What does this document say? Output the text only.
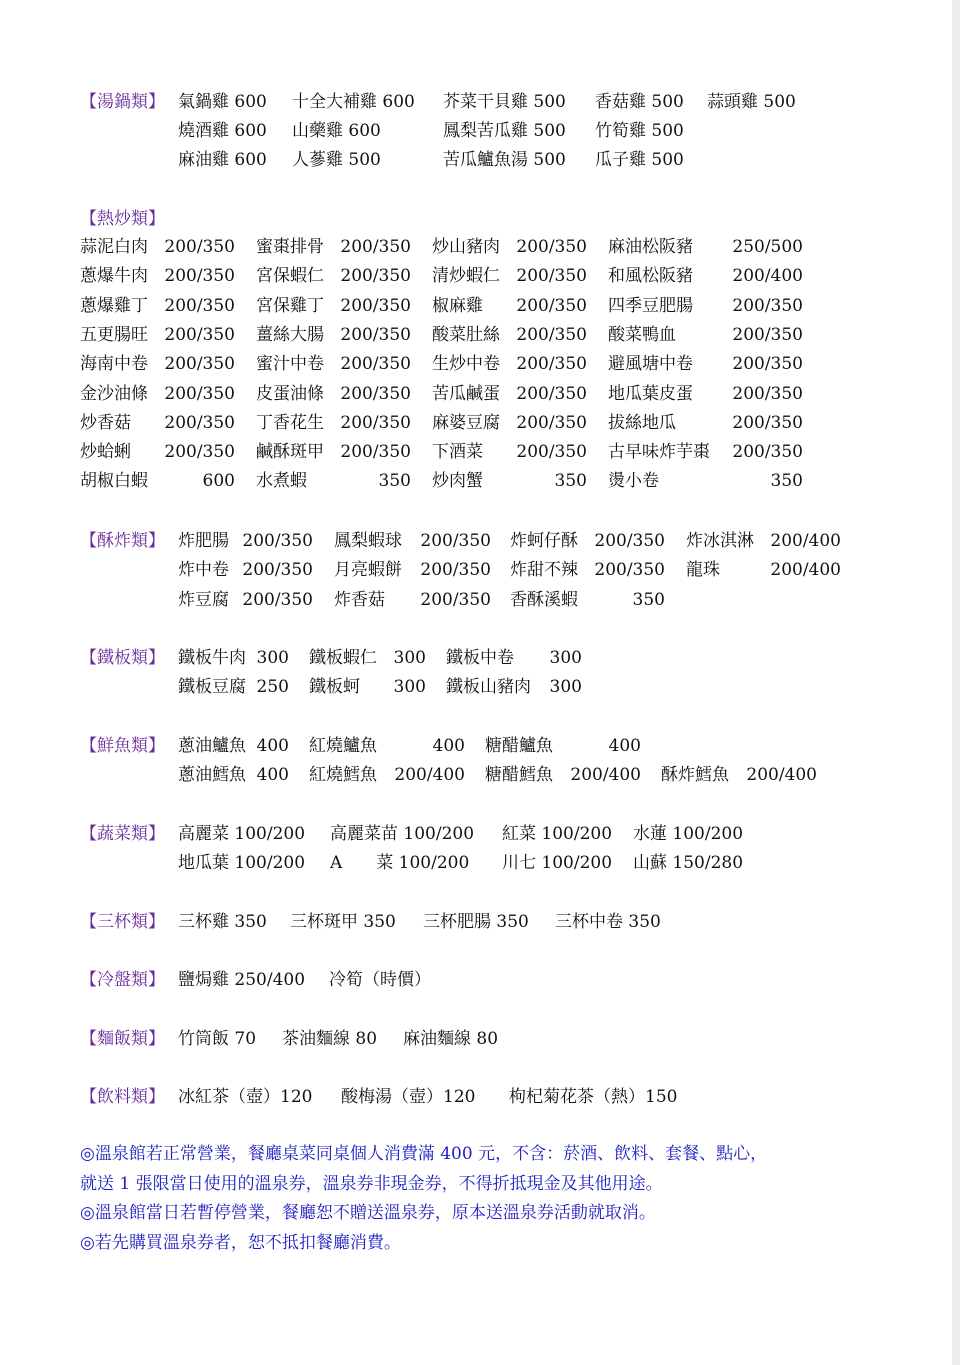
【湯鍋類】 氣鍋雞 600 十全大補雞 600 芥菜干貝雞 500 香菇雞 500 蒜頭雞 500
燒酒雞 600 山藥雞 600	鳳梨苦瓜雞 500 竹筍雞 500
麻油雞 600 人蔘雞 500	苦瓜鱸魚湯 500 瓜子雞 500
【熱炒類】
蒜泥白肉 200/350 蜜棗排骨 200/350 炒山豬肉 200/350 麻油松阪豬 250/500
蔥爆牛肉 200/350 宮保蝦仁 200/350 清炒蝦仁 200/350 和風松阪豬 200/400
蔥爆雞丁 200/350 宮保雞丁 200/350 椒麻雞 200/350 四季豆肥腸 200/350
五更腸旺 200/350 薑絲大腸 200/350 酸菜肚絲 200/350 酸菜鴨血	200/350
海南中卷 200/350 蜜汁中卷 200/350 生炒中卷 200/350 避風塘中卷 200/350
金沙油條 200/350 皮蛋油條 200/350 苦瓜鹹蛋 200/350 地瓜葉皮蛋 200/350
炒香菇 200/350 丁香花生 200/350 麻婆豆腐 200/350 拔絲地瓜	200/350
炒蛤蜊 200/350 鹹酥斑甲 200/350 下酒菜 200/350 古早味炸芋棗 200/350
胡椒白蝦	600 水煮蝦	350 炒肉蟹	350 燙小卷	350
【酥炸類】 炸肥腸 200/350 鳳梨蝦球 200/350 炸蚵仔酥 200/350 炸冰淇淋 200/400
炸中卷 200/350 月亮蝦餅 200/350 炸甜不辣 200/350 龍珠	200/400
炸豆腐 200/350 炸香菇 200/350 香酥溪蝦	350
【鐵板類】 鐵板牛肉 300 鐵板蝦仁 300 鐵板中卷 300
鐵板豆腐 250 鐵板蚵 300 鐵板山豬肉 300
【鮮魚類】 蔥油鱸魚 400 紅燒鱸魚	400 糖醋鱸魚	400
蔥油鱈魚 400 紅燒鱈魚 200/400 糖醋鱈魚 200/400 酥炸鱈魚 200/400
【蔬菜類】 高麗菜 100/200 高麗菜苗 100/200 紅菜 100/200 水蓮 100/200
地瓜葉 100/200 A　　菜 100/200 川七 100/200 山蘇 150/280
【三杯類】 三杯雞 350 三杯斑甲 350 三杯肥腸 350 三杯中卷 350
【冷盤類】 鹽焗雞 250/400 冷筍（時價）
【麵飯類】 竹筒飯 70 茶油麵線 80 麻油麵線 80
【飲料類】 冰紅茶（壺）120 酸梅湯（壺）120 枸杞菊花茶（熱）150
◎溫泉館若正常營業，餐廳桌菜同桌個人消費滿 400 元，不含：菸酒、飲料、套餐、點心，
就送 1 張限當日使用的溫泉券，溫泉券非現金券，不得折抵現金及其他用途。
◎溫泉館當日若暫停營業，餐廳恕不贈送溫泉券，原本送溫泉券活動就取消。
◎若先購買溫泉券者，恕不抵扣餐廳消費。
